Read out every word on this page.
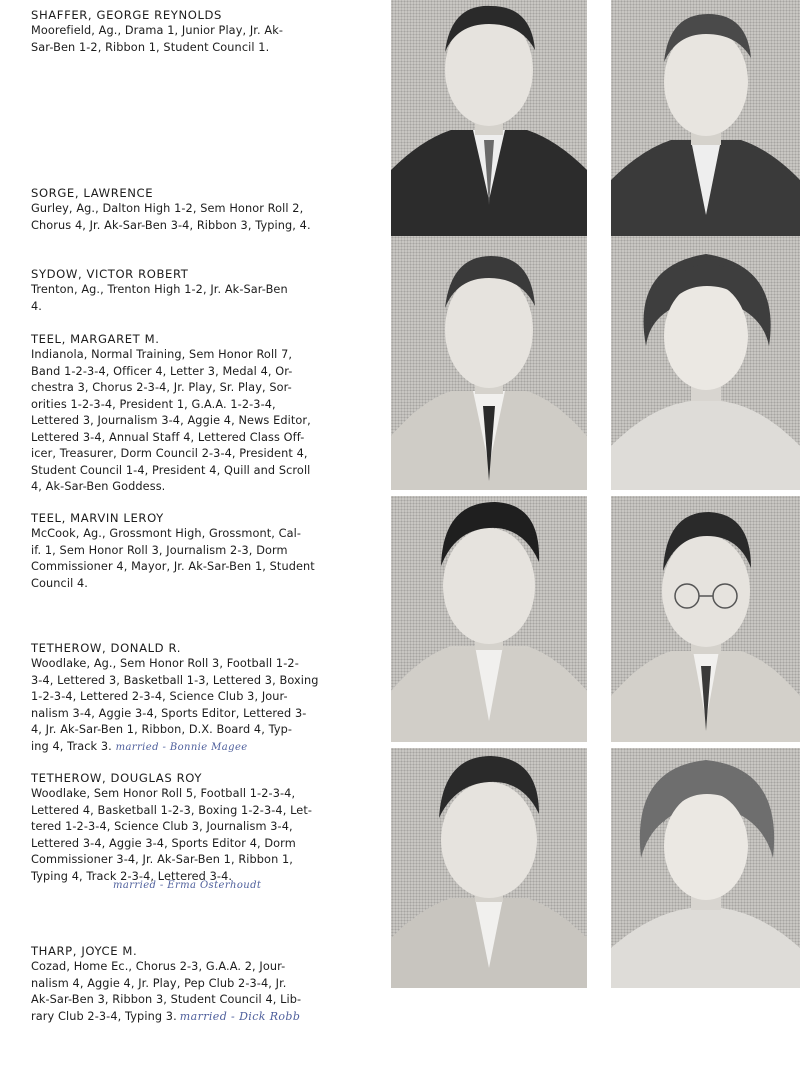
SHAFFER, GEORGE REYNOLDS
Moorefield, Ag., Drama 1, Junior Play, Jr. Ak-
Sar-Ben 1-2, Ribbon 1, Student Council 1.
SORGE, LAWRENCE
Gurley, Ag., Dalton High 1-2, Sem Honor Roll 2,
Chorus 4, Jr. Ak-Sar-Ben 3-4, Ribbon 3, Typing, 4.
SYDOW, VICTOR ROBERT
Trenton, Ag., Trenton High 1-2, Jr. Ak-Sar-Ben
4.
TEEL, MARGARET M.
Indianola, Normal Training, Sem Honor Roll 7,
Band 1-2-3-4, Officer 4, Letter 3, Medal 4, Or-
chestra 3, Chorus 2-3-4, Jr. Play, Sr. Play, Sor-
orities 1-2-3-4, President 1, G.A.A. 1-2-3-4,
Lettered 3, Journalism 3-4, Aggie 4, News Editor,
Lettered 3-4, Annual Staff 4, Lettered Class Off-
icer, Treasurer, Dorm Council 2-3-4, President 4,
Student Council 1-4, President 4, Quill and Scroll
4, Ak-Sar-Ben Goddess.
TEEL, MARVIN LEROY
McCook, Ag., Grossmont High, Grossmont, Cal-
if. 1, Sem Honor Roll 3, Journalism 2-3, Dorm
Commissioner 4, Mayor, Jr. Ak-Sar-Ben 1, Student
Council 4.
TETHEROW, DONALD R.
Woodlake, Ag., Sem Honor Roll 3, Football 1-2-
3-4, Lettered 3, Basketball 1-3, Lettered 3, Boxing
1-2-3-4, Lettered 2-3-4, Science Club 3, Jour-
nalism 3-4, Aggie 3-4, Sports Editor, Lettered 3-
4, Jr. Ak-Sar-Ben 1, Ribbon, D.X. Board 4, Typ-
ing 4, Track 3. married - Bonnie Magee
TETHEROW, DOUGLAS ROY
Woodlake, Sem Honor Roll 5, Football 1-2-3-4,
Lettered 4, Basketball 1-2-3, Boxing 1-2-3-4, Let-
tered 1-2-3-4, Science Club 3, Journalism 3-4,
Lettered 3-4, Aggie 3-4, Sports Editor 4, Dorm
Commissioner 3-4, Jr. Ak-Sar-Ben 1, Ribbon 1,
Typing 4, Track 2-3-4, Lettered 3-4.
married - Erma Osterhoudt
THARP, JOYCE M.
Cozad, Home Ec., Chorus 2-3, G.A.A. 2, Jour-
nalism 4, Aggie 4, Jr. Play, Pep Club 2-3-4, Jr.
Ak-Sar-Ben 3, Ribbon 3, Student Council 4, Lib-
rary Club 2-3-4, Typing 3. married - Dick Robb
